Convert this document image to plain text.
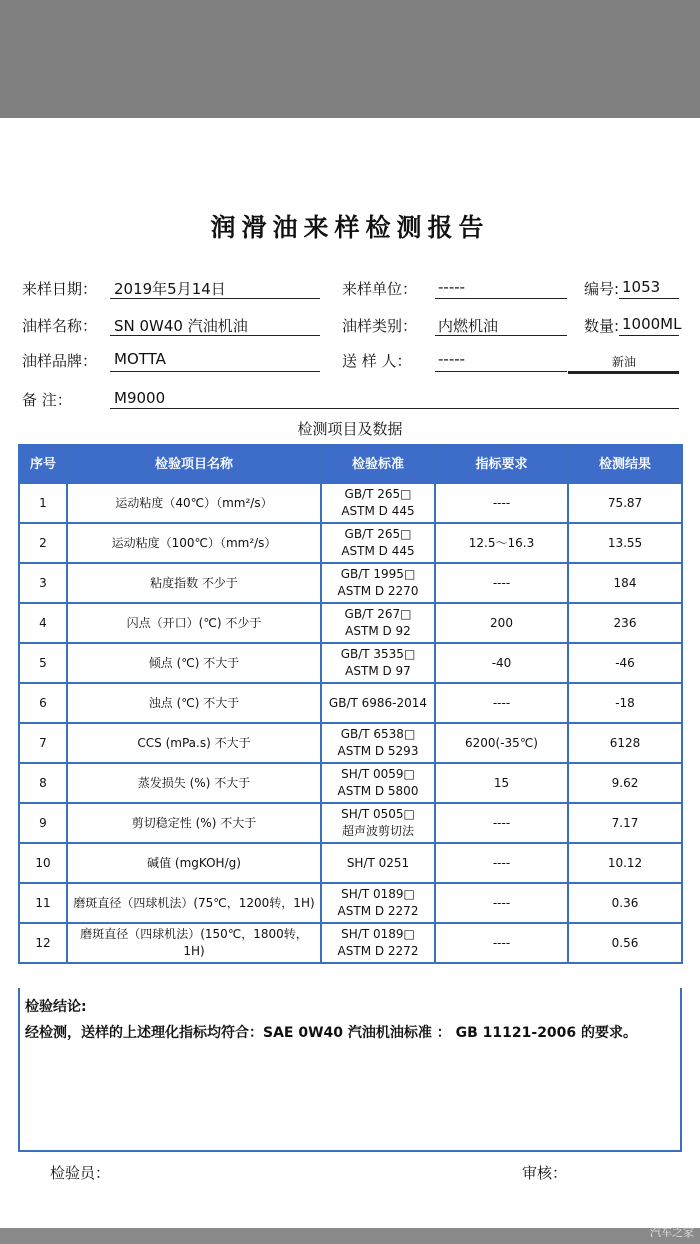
润滑油来样检测报告
来样日期： 2019年5月14日	来样单位： -----	编号: 1053
油样名称： SN 0W40 汽油机油	油样类别： 内燃机油	数量: 1000ML
油样品牌： MOTTA	送 样 人： -----	新油
备 注：	M9000
检测项目及数据
序号	检验项目名称	检验标准	指标要求	检测结果
1	运动粘度（40℃）（mm²/s）	GB/T 265□
ASTM D 445	----	75.87
2	运动粘度（100℃）（mm²/s）	GB/T 265□
ASTM D 445	12.5～16.3	13.55
3	粘度指数 不少于	GB/T 1995□
ASTM D 2270	----	184
4	闪点（开口）(℃) 不少于	GB/T 267□
ASTM D 92	200	236
5	倾点 (℃) 不大于	GB/T 3535□
ASTM D 97	-40	-46
6	浊点 (℃) 不大于	GB/T 6986-2014	----	-18
7	CCS (mPa.s) 不大于	GB/T 6538□
ASTM D 5293	6200(-35℃)	6128
8	蒸发损失 (%) 不大于	SH/T 0059□
ASTM D 5800	15	9.62
9	剪切稳定性 (%) 不大于	SH/T 0505□
超声波剪切法	----	7.17
10	碱值 (mgKOH/g)	SH/T 0251	----	10.12
11	磨斑直径（四球机法）(75℃，1200转，1H)	SH/T 0189□
ASTM D 2272	----	0.36
12	磨斑直径（四球机法）(150℃，1800转，1H)	SH/T 0189□
ASTM D 2272	----	0.56
检验结论:
经检测，送样的上述理化指标均符合：SAE 0W40 汽油机油标准 ： GB 11121-2006 的要求。
检验员：	审核：
汽车之家
